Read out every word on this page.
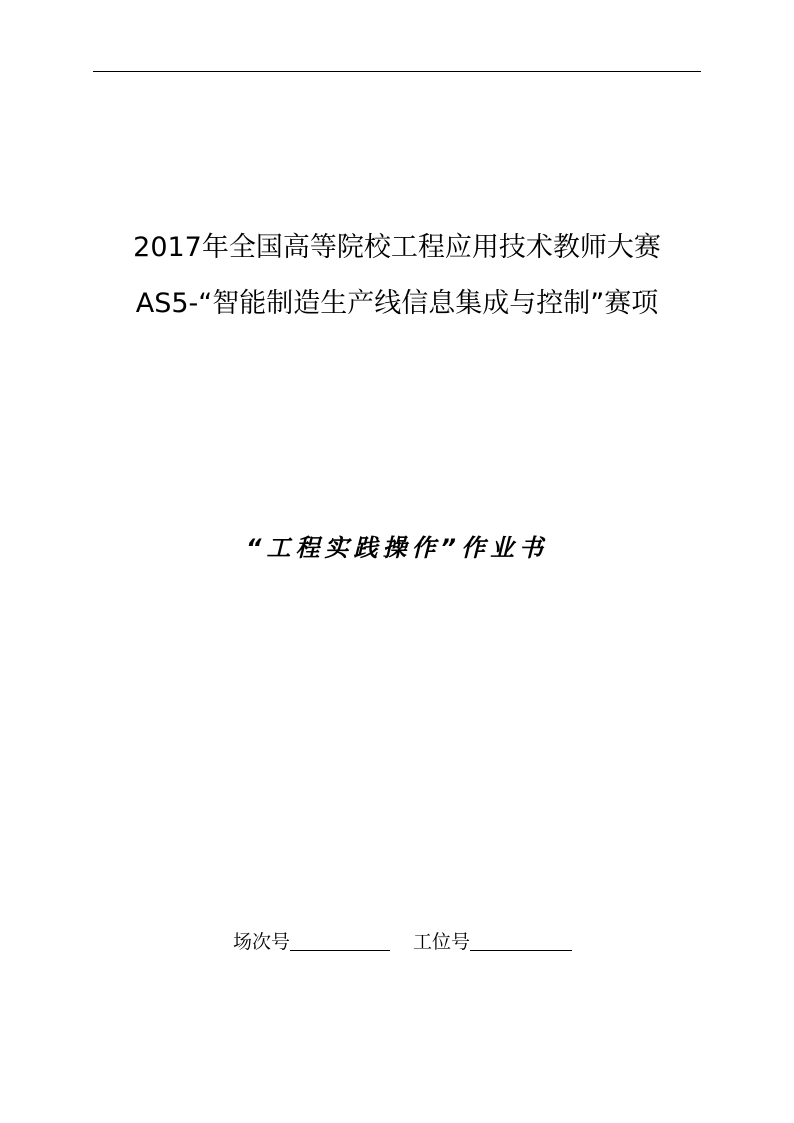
2017年全国高等院校工程应用技术教师大赛
AS5-“智能制造生产线信息集成与控制”赛项
“工程实践操作”作业书
场次号	工位号
